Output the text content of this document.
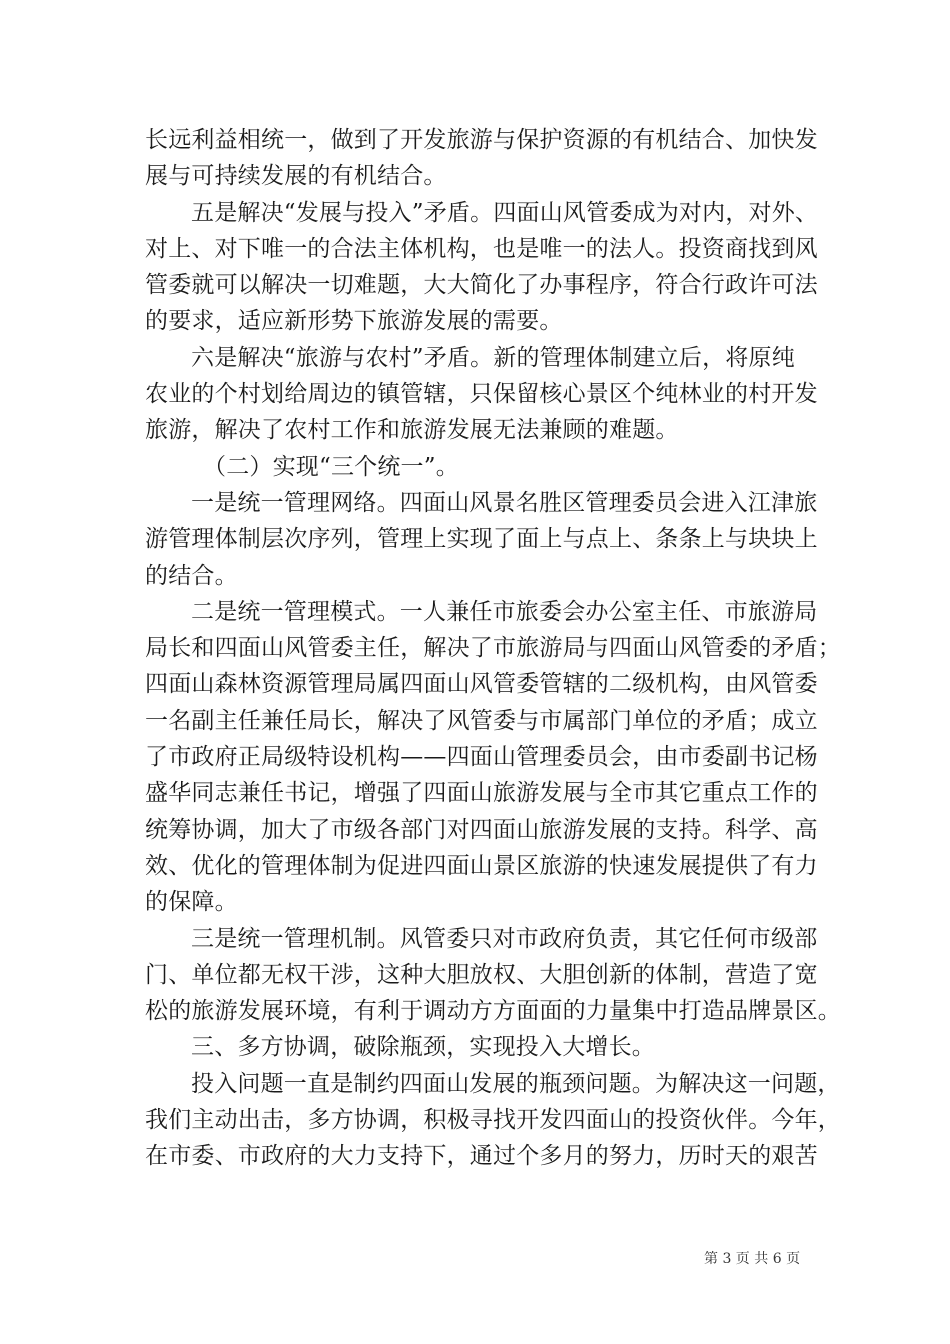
长远利益相统一，做到了开发旅游与保护资源的有机结合、加快发
展与可持续发展的有机结合。
五是解决“发展与投入”矛盾。四面山风管委成为对内，对外、
对上、对下唯一的合法主体机构，也是唯一的法人。投资商找到风
管委就可以解决一切难题，大大简化了办事程序，符合行政许可法
的要求，适应新形势下旅游发展的需要。
六是解决“旅游与农村”矛盾。新的管理体制建立后，将原纯
农业的个村划给周边的镇管辖，只保留核心景区个纯林业的村开发
旅游，解决了农村工作和旅游发展无法兼顾的难题。
（二）实现“三个统一”。
一是统一管理网络。四面山风景名胜区管理委员会进入江津旅
游管理体制层次序列，管理上实现了面上与点上、条条上与块块上
的结合。
二是统一管理模式。一人兼任市旅委会办公室主任、市旅游局
局长和四面山风管委主任，解决了市旅游局与四面山风管委的矛盾；
四面山森林资源管理局属四面山风管委管辖的二级机构，由风管委
一名副主任兼任局长，解决了风管委与市属部门单位的矛盾；成立
了市政府正局级特设机构——四面山管理委员会，由市委副书记杨
盛华同志兼任书记，增强了四面山旅游发展与全市其它重点工作的
统筹协调，加大了市级各部门对四面山旅游发展的支持。科学、高
效、优化的管理体制为促进四面山景区旅游的快速发展提供了有力
的保障。
三是统一管理机制。风管委只对市政府负责，其它任何市级部
门、单位都无权干涉，这种大胆放权、大胆创新的体制，营造了宽
松的旅游发展环境，有利于调动方方面面的力量集中打造品牌景区。
三、多方协调，破除瓶颈，实现投入大增长。
投入问题一直是制约四面山发展的瓶颈问题。为解决这一问题，
我们主动出击，多方协调，积极寻找开发四面山的投资伙伴。今年，
在市委、市政府的大力支持下，通过个多月的努力，历时天的艰苦
第 3 页 共 6 页
